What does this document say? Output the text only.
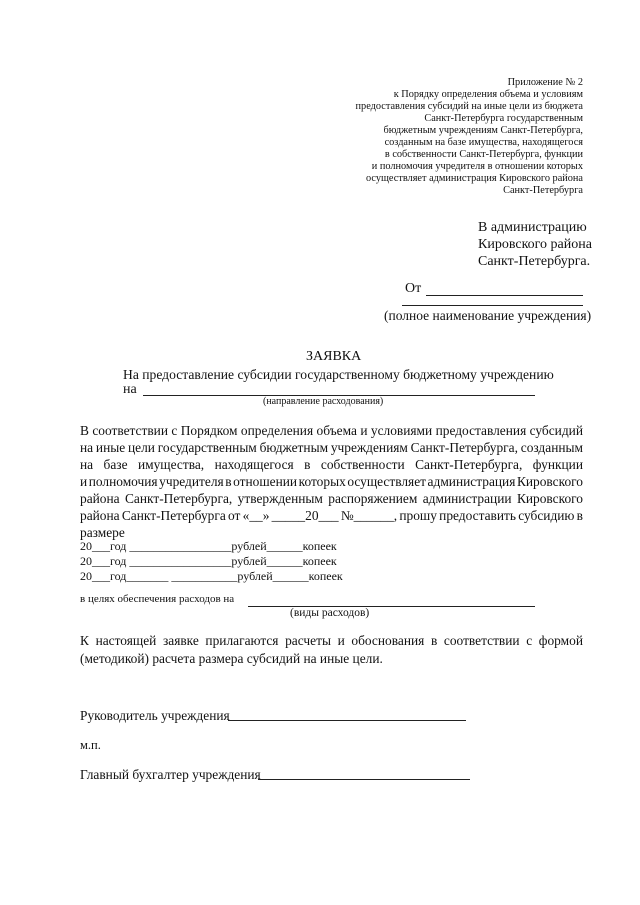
Приложение № 2
к Порядку определения объема и условиям
предоставления субсидий на иные цели из бюджета
Санкт-Петербурга государственным
бюджетным учреждениям Санкт-Петербурга,
созданным на базе имущества, находящегося
в собственности Санкт-Петербурга, функции
и полномочия учредителя в отношении которых
осуществляет администрация Кировского района
Санкт-Петербурга
В администрацию
Кировского района
Санкт-Петербурга.
От
(полное наименование учреждения)
ЗАЯВКА
На предоставление субсидии государственному бюджетному учреждению
на
(направление расходования)
В соответствии с Порядком определения объема и условиями предоставления субсидий
на иные цели государственным бюджетным учреждениям Санкт-Петербурга, созданным
на базе имущества, находящегося в собственности Санкт-Петербурга, функции
и полномочия учредителя в отношении которых осуществляет администрация Кировского
района Санкт-Петербурга, утвержденным распоряжением администрации Кировского
района Санкт-Петербурга от «__» _____20___ №______, прошу предоставить субсидию в
размере
20___год _________________рублей______копеек
20___год _________________рублей______копеек
20___год_______ ___________рублей______копеек
в целях обеспечения расходов на
(виды расходов)
К настоящей заявке прилагаются расчеты и обоснования в соответствии с формой
(методикой) расчета размера субсидий на иные цели.
Руководитель учреждения
м.п.
Главный бухгалтер учреждения
